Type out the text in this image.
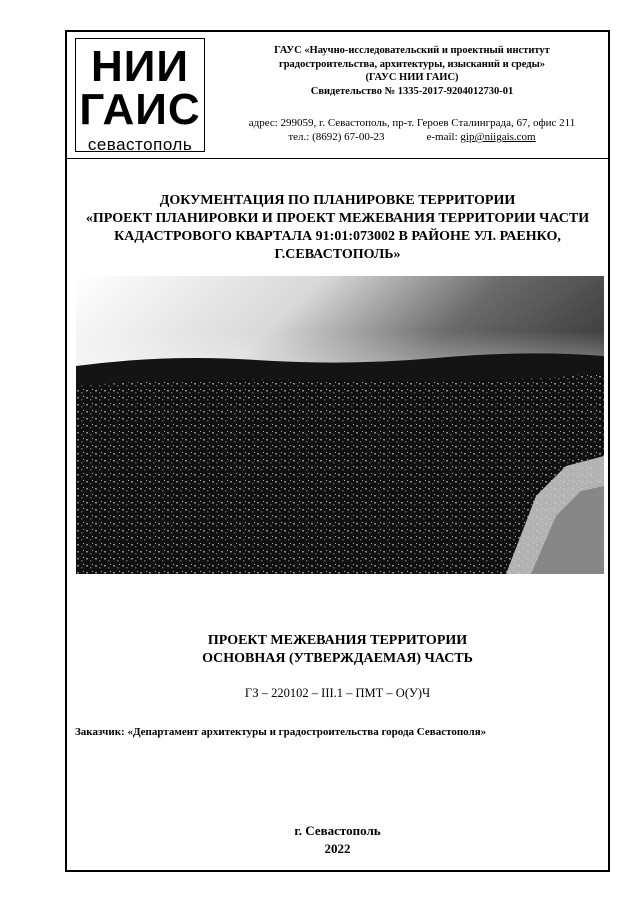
НИИ
ГАИС
севастополь
ГАУС «Научно-исследовательский и проектный институт
градостроительства, архитектуры, изысканий и среды»
(ГАУС НИИ ГАИС)
Свидетельство № 1335-2017-9204012730-01
адрес: 299059, г. Севастополь, пр-т. Героев Сталинграда, 67, офис 211
тел.: (8692) 67-00-23	e-mail: gip@niigais.com
ДОКУМЕНТАЦИЯ ПО ПЛАНИРОВКЕ ТЕРРИТОРИИ
«ПРОЕКТ ПЛАНИРОВКИ И ПРОЕКТ МЕЖЕВАНИЯ ТЕРРИТОРИИ ЧАСТИ
КАДАСТРОВОГО КВАРТАЛА 91:01:073002 В РАЙОНЕ УЛ. РАЕНКО,
Г.СЕВАСТОПОЛЬ»
ПРОЕКТ МЕЖЕВАНИЯ ТЕРРИТОРИИ
ОСНОВНАЯ (УТВЕРЖДАЕМАЯ) ЧАСТЬ
ГЗ – 220102 – III.1 – ПМТ – О(У)Ч
Заказчик: «Департамент архитектуры и градостроительства города Севастополя»
г. Севастополь
2022
